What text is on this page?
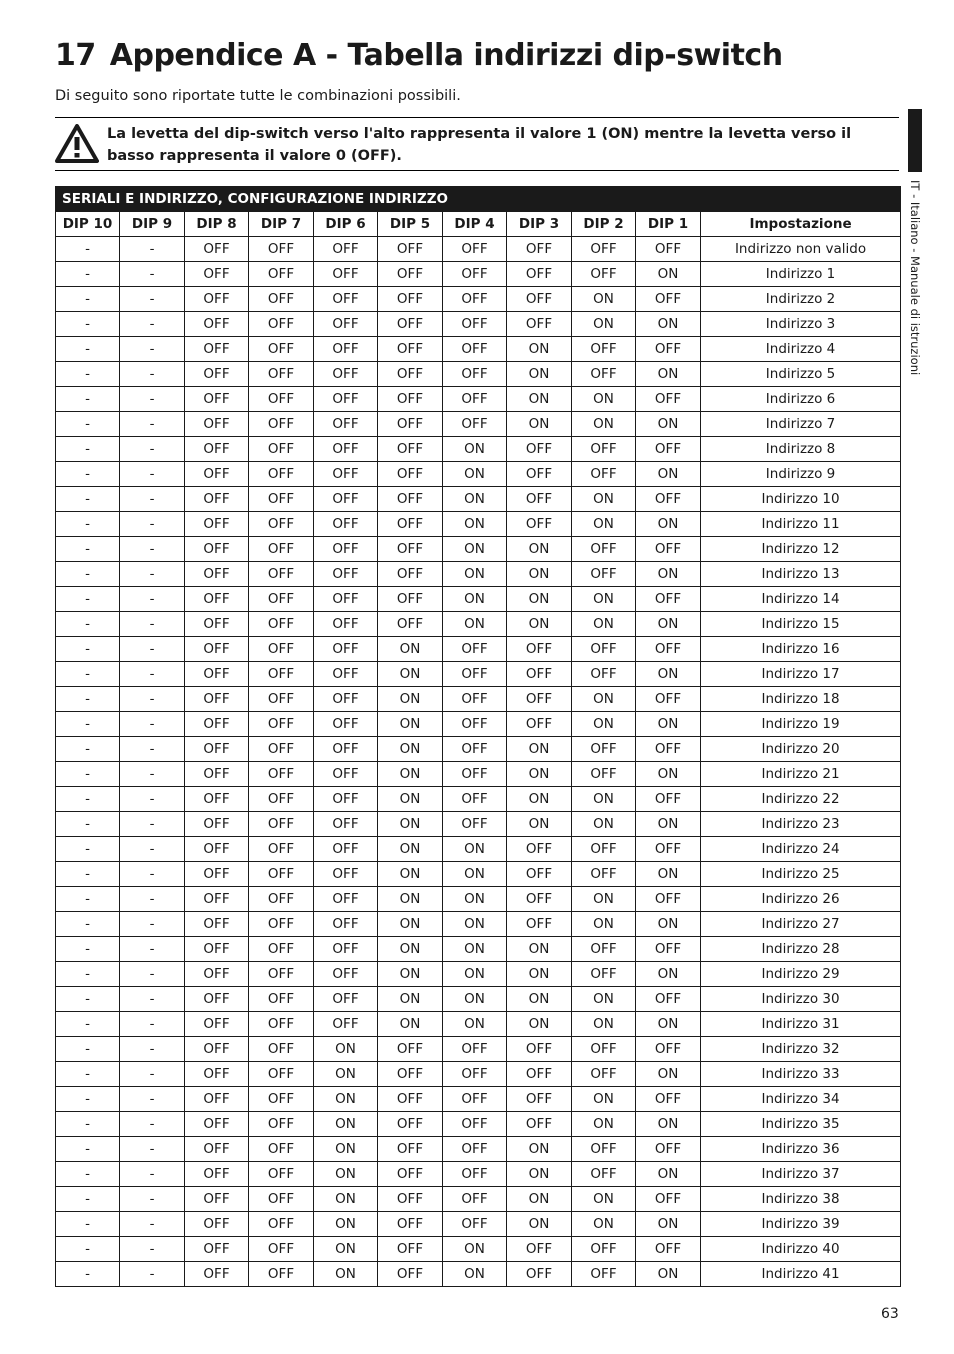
17 Appendice A - Tabella indirizzi dip-switch
Di seguito sono riportate tutte le combinazioni possibili.
La levetta del dip-switch verso l'alto rappresenta il valore 1 (ON) mentre la levetta verso il basso rappresenta il valore 0 (OFF).
IT - Italiano - Manuale di istruzioni
SERIALI E INDIRIZZO, CONFIGURAZIONE INDIRIZZO										
DIP 10	DIP 9	DIP 8	DIP 7	DIP 6	DIP 5	DIP 4	DIP 3	DIP 2	DIP 1	Impostazione
-	-	OFF	OFF	OFF	OFF	OFF	OFF	OFF	OFF	Indirizzo non valido
-	-	OFF	OFF	OFF	OFF	OFF	OFF	OFF	ON	Indirizzo 1
-	-	OFF	OFF	OFF	OFF	OFF	OFF	ON	OFF	Indirizzo 2
-	-	OFF	OFF	OFF	OFF	OFF	OFF	ON	ON	Indirizzo 3
-	-	OFF	OFF	OFF	OFF	OFF	ON	OFF	OFF	Indirizzo 4
-	-	OFF	OFF	OFF	OFF	OFF	ON	OFF	ON	Indirizzo 5
-	-	OFF	OFF	OFF	OFF	OFF	ON	ON	OFF	Indirizzo 6
-	-	OFF	OFF	OFF	OFF	OFF	ON	ON	ON	Indirizzo 7
-	-	OFF	OFF	OFF	OFF	ON	OFF	OFF	OFF	Indirizzo 8
-	-	OFF	OFF	OFF	OFF	ON	OFF	OFF	ON	Indirizzo 9
-	-	OFF	OFF	OFF	OFF	ON	OFF	ON	OFF	Indirizzo 10
-	-	OFF	OFF	OFF	OFF	ON	OFF	ON	ON	Indirizzo 11
-	-	OFF	OFF	OFF	OFF	ON	ON	OFF	OFF	Indirizzo 12
-	-	OFF	OFF	OFF	OFF	ON	ON	OFF	ON	Indirizzo 13
-	-	OFF	OFF	OFF	OFF	ON	ON	ON	OFF	Indirizzo 14
-	-	OFF	OFF	OFF	OFF	ON	ON	ON	ON	Indirizzo 15
-	-	OFF	OFF	OFF	ON	OFF	OFF	OFF	OFF	Indirizzo 16
-	-	OFF	OFF	OFF	ON	OFF	OFF	OFF	ON	Indirizzo 17
-	-	OFF	OFF	OFF	ON	OFF	OFF	ON	OFF	Indirizzo 18
-	-	OFF	OFF	OFF	ON	OFF	OFF	ON	ON	Indirizzo 19
-	-	OFF	OFF	OFF	ON	OFF	ON	OFF	OFF	Indirizzo 20
-	-	OFF	OFF	OFF	ON	OFF	ON	OFF	ON	Indirizzo 21
-	-	OFF	OFF	OFF	ON	OFF	ON	ON	OFF	Indirizzo 22
-	-	OFF	OFF	OFF	ON	OFF	ON	ON	ON	Indirizzo 23
-	-	OFF	OFF	OFF	ON	ON	OFF	OFF	OFF	Indirizzo 24
-	-	OFF	OFF	OFF	ON	ON	OFF	OFF	ON	Indirizzo 25
-	-	OFF	OFF	OFF	ON	ON	OFF	ON	OFF	Indirizzo 26
-	-	OFF	OFF	OFF	ON	ON	OFF	ON	ON	Indirizzo 27
-	-	OFF	OFF	OFF	ON	ON	ON	OFF	OFF	Indirizzo 28
-	-	OFF	OFF	OFF	ON	ON	ON	OFF	ON	Indirizzo 29
-	-	OFF	OFF	OFF	ON	ON	ON	ON	OFF	Indirizzo 30
-	-	OFF	OFF	OFF	ON	ON	ON	ON	ON	Indirizzo 31
-	-	OFF	OFF	ON	OFF	OFF	OFF	OFF	OFF	Indirizzo 32
-	-	OFF	OFF	ON	OFF	OFF	OFF	OFF	ON	Indirizzo 33
-	-	OFF	OFF	ON	OFF	OFF	OFF	ON	OFF	Indirizzo 34
-	-	OFF	OFF	ON	OFF	OFF	OFF	ON	ON	Indirizzo 35
-	-	OFF	OFF	ON	OFF	OFF	ON	OFF	OFF	Indirizzo 36
-	-	OFF	OFF	ON	OFF	OFF	ON	OFF	ON	Indirizzo 37
-	-	OFF	OFF	ON	OFF	OFF	ON	ON	OFF	Indirizzo 38
-	-	OFF	OFF	ON	OFF	OFF	ON	ON	ON	Indirizzo 39
-	-	OFF	OFF	ON	OFF	ON	OFF	OFF	OFF	Indirizzo 40
-	-	OFF	OFF	ON	OFF	ON	OFF	OFF	ON	Indirizzo 41
63
